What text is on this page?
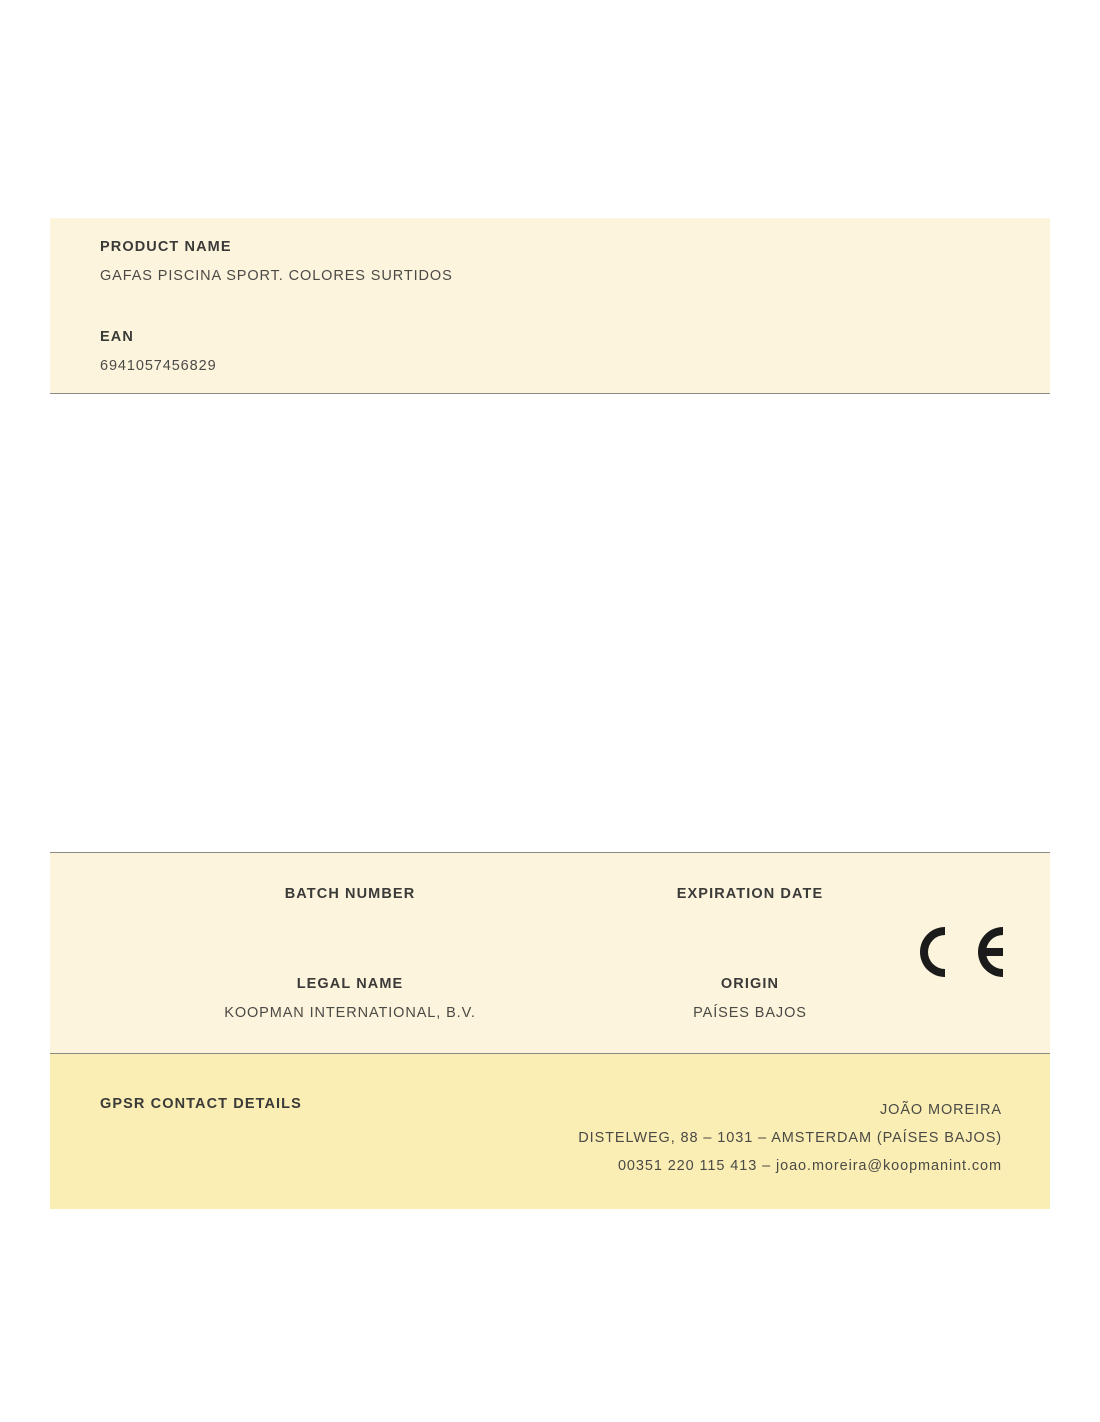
PRODUCT NAME
GAFAS PISCINA SPORT. COLORES SURTIDOS
EAN
6941057456829
BATCH NUMBER	EXPIRATION DATE
LEGAL NAME
KOOPMAN INTERNATIONAL, B.V.
ORIGIN
PAÍSES BAJOS
GPSR CONTACT DETAILS	JOÃO MOREIRA
DISTELWEG, 88 – 1031 – AMSTERDAM (PAÍSES BAJOS)
00351 220 115 413 – joao.moreira@koopmanint.com
